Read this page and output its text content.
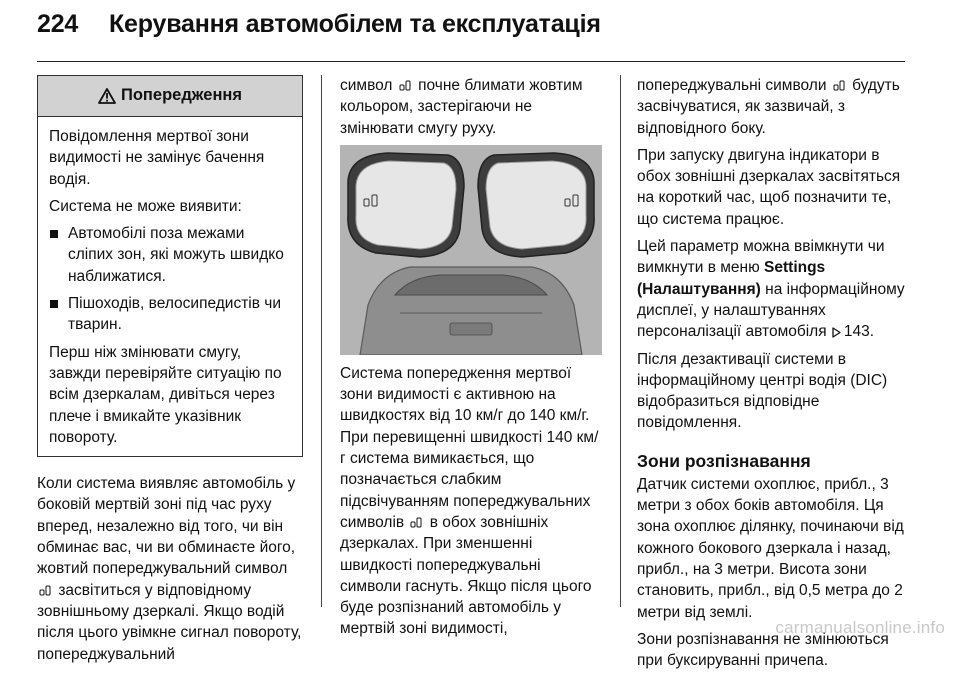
224 Керування автомобілем та експлуатація
Попередження

Повідомлення мертвої зони видимості не замінує бачення водія.

Система не може виявити:

Автомобілі поза межами сліпих зон, які можуть швидко наближатися.
Пішоходів, велосипедистів чи тварин.

Перш ніж змінювати смугу, завжди перевіряйте ситуацію по всім дзеркалам, дивіться через плече і вмикайте указівник повороту.

Коли система виявляє автомобіль у боковій мертвій зоні під час руху вперед, незалежно від того, чи він обминає вас, чи ви обминаєте його, жовтий попереджувальний символ  засвітиться у відповідному зовнішньому дзеркалі. Якщо водій після цього увімкне сигнал повороту, попереджувальний

символ почне блимати жовтим кольором, застерігаючи не змінювати смугу руху.

Система попередження мертвої зони видимості є активною на швидкостях від 10 км/г до 140 км/г. При перевищенні швидкості 140 км/г система вимикається, що позначається слабким підсвічуванням попереджувальних символів в обох зовнішніх дзеркалах. При зменшенні швидкості попереджувальні символи гаснуть. Якщо після цього буде розпізнаний автомобіль у мертвій зоні видимості,

попереджувальні символи будуть засвічуватися, як зазвичай, з відповідного боку.

При запуску двигуна індикатори в обох зовнішні дзеркалах засвітяться на короткий час, щоб позначити те, що система працює.

Цей параметр можна ввімкнути чи вимкнути в меню Settings (Налаштування) на інформаційному дисплеї, у налаштуваннях персоналізації автомобіля 143.

Після дезактивації системи в інформаційному центрі водія (DIC) відобразиться відповідне повідомлення.

Зони розпізнавання

Датчик системи охоплює, прибл., 3 метри з обох боків автомобіля. Ця зона охоплює ділянку, починаючи від кожного бокового дзеркала і назад, прибл., на 3 метри. Висота зони становить, прибл., від 0,5 метра до 2 метри від землі.

Зони розпізнавання не змінюються при буксируванні причепа.

carmanualsonline.info
